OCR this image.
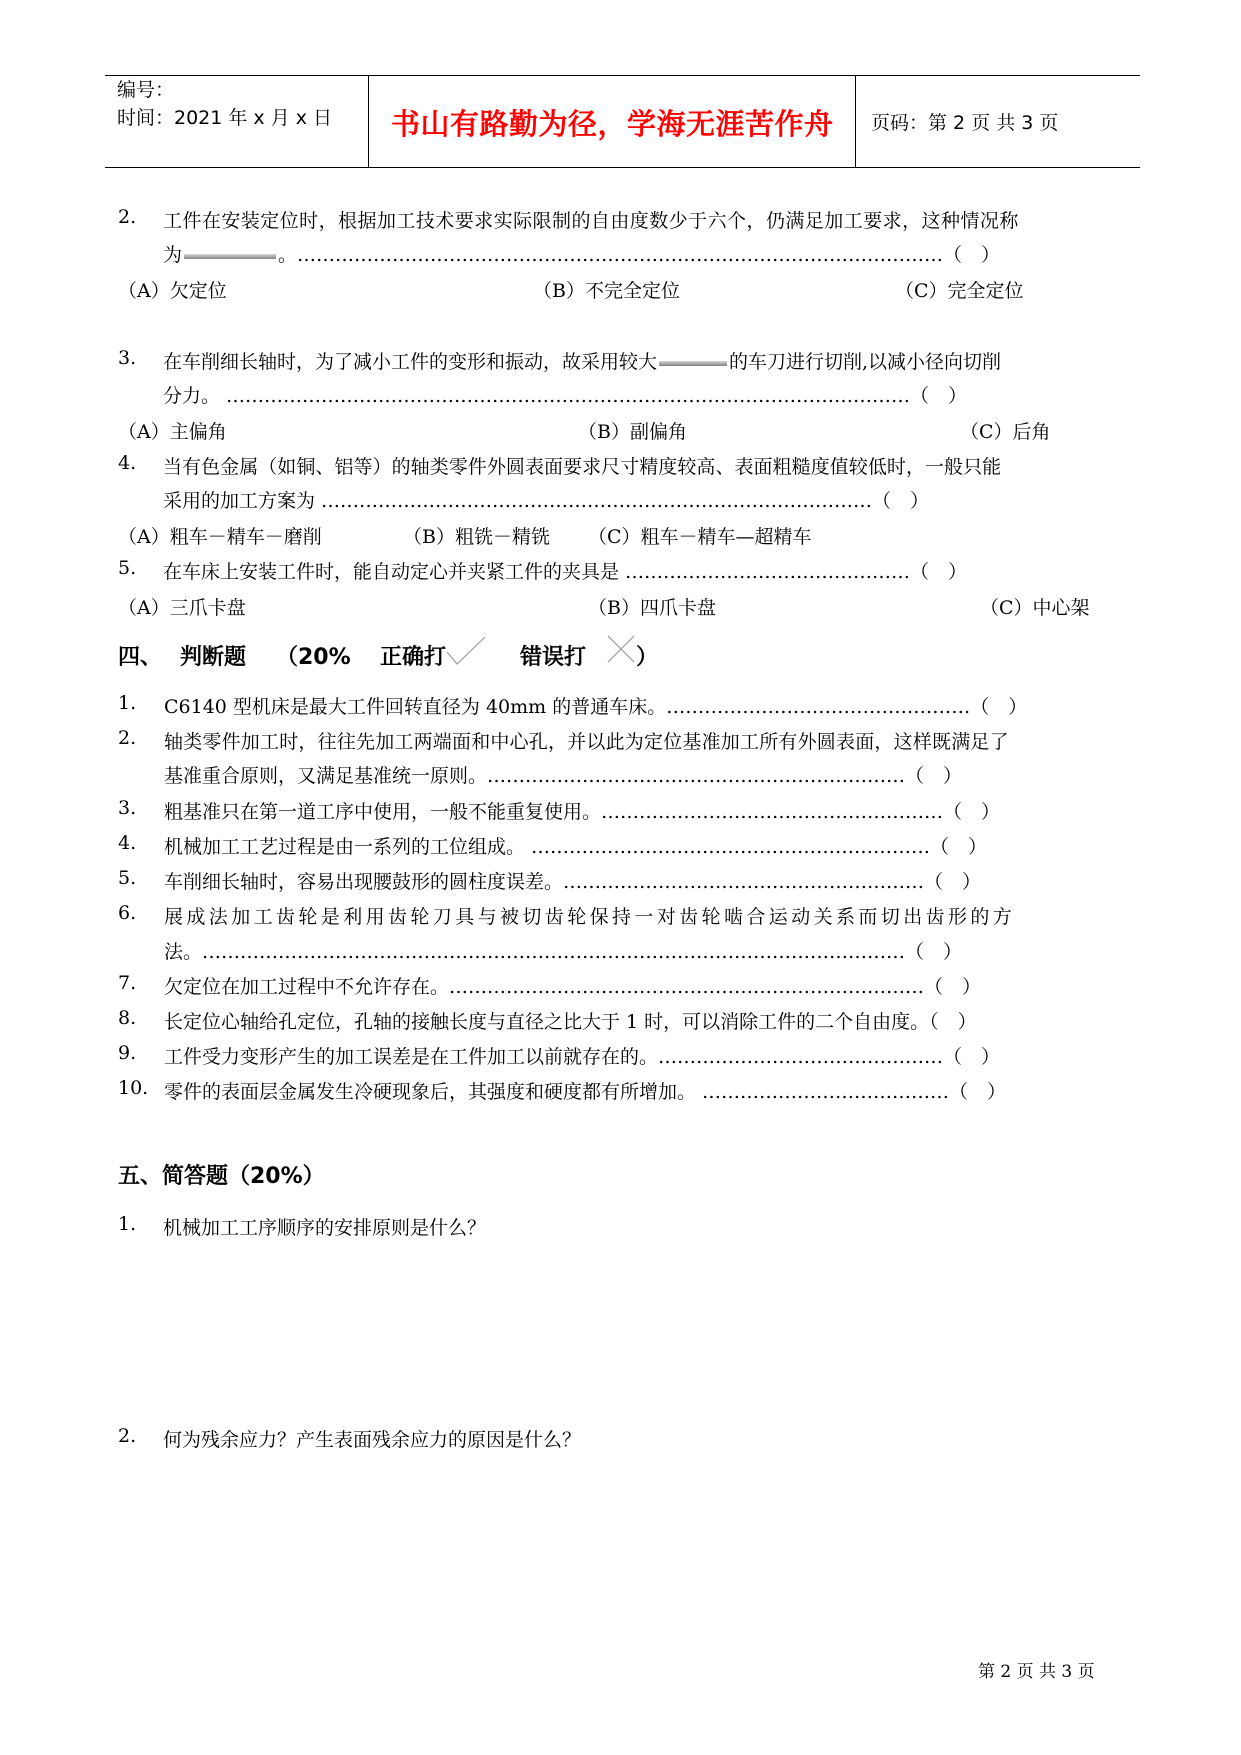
编号：
时间：2021 年 x 月 x 日 书山有路勤为径，学海无涯苦作舟 页码：第 2 页 共 3 页
2. 工件在安装定位时，根据加工技术要求实际限制的自由度数少于六个，仍满足加工要求，这种情况称
为	。…………………………………………………………………………………………（　）
（A）欠定位	（B）不完全定位	（C）完全定位
3. 在车削细长轴时，为了减小工件的变形和振动，故采用较大	的车刀进行切削,以减小径向切削
分力。 ………………………………………………………………………………………………（　）
（A）主偏角	（B）副偏角	（C）后角
4. 当有色金属（如铜、铝等）的轴类零件外圆表面要求尺寸精度较高、表面粗糙度值较低时，一般只能
采用的加工方案为 ……………………………………………………………………………（　）
（A）粗车－精车－磨削	（B）粗铣－精铣 （C）粗车－精车—超精车
5. 在车床上安装工件时，能自动定心并夹紧工件的夹具是 ………………………………………（　）
（A）三爪卡盘	（B）四爪卡盘	（C）中心架
四、 判断题 （20% 正确打	错误打 ）
1. C6140 型机床是最大工件回转直径为 40mm 的普通车床。…………………………………………（　）
2. 轴类零件加工时，往往先加工两端面和中心孔，并以此为定位基准加工所有外圆表面，这样既满足了
基准重合原则，又满足基准统一原则。…………………………………………………………（　）
3. 粗基准只在第一道工序中使用，一般不能重复使用。………………………………………………（　）
4. 机械加工工艺过程是由一系列的工位组成。 ………………………………………………………（　）
5. 车削细长轴时，容易出现腰鼓形的圆柱度误差。…………………………………………………（　）
6. 展成法加工齿轮是利用齿轮刀具与被切齿轮保持一对齿轮啮合运动关系而切出齿形的方
法。…………………………………………………………………………………………………（　）
7. 欠定位在加工过程中不允许存在。…………………………………………………………………（　）
8. 长定位心轴给孔定位，孔轴的接触长度与直径之比大于 1 时，可以消除工件的二个自由度。（　）
9. 工件受力变形产生的加工误差是在工件加工以前就存在的。………………………………………（　）
10. 零件的表面层金属发生冷硬现象后，其强度和硬度都有所增加。 …………………………………（　）
五、简答题（20%）
1. 机械加工工序顺序的安排原则是什么？
2. 何为残余应力？产生表面残余应力的原因是什么？
第 2 页 共 3 页
